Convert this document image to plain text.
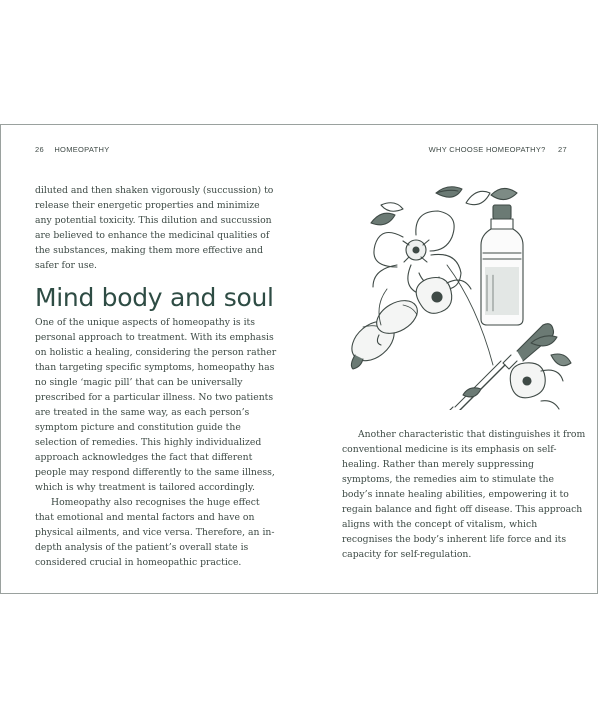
26 HOMEOPATHY	WHY CHOOSE HOMEOPATHY? 27

diluted and then shaken vigorously (succussion) to release their energetic properties and minimize any potential toxicity. This dilution and succussion are believed to enhance the medicinal qualities of the substances, making them more effective and safer for use.

Mind body and soul

One of the unique aspects of homeopathy is its personal approach to treatment. With its emphasis on holistic a healing, considering the person rather than targeting specific symptoms, homeopathy has no single ‘magic pill’ that can be universally prescribed for a particular illness. No two patients are treated in the same way, as each person’s symptom picture and constitution guide the selection of remedies. This highly individualized approach acknowledges the fact that different people may respond differently to the same illness, which is why treatment is tailored accordingly.

Homeopathy also recognises the huge effect that emotional and mental factors and have on physical ailments, and vice versa. Therefore, an in-depth analysis of the patient’s overall state is considered crucial in homeopathic practice.

Another characteristic that distinguishes it from conventional medicine is its emphasis on self-healing. Rather than merely suppressing symptoms, the remedies aim to stimulate the body’s innate healing abilities, empowering it to regain balance and fight off disease. This approach aligns with the concept of vitalism, which recognises the body’s inherent life force and its capacity for self-regulation.
